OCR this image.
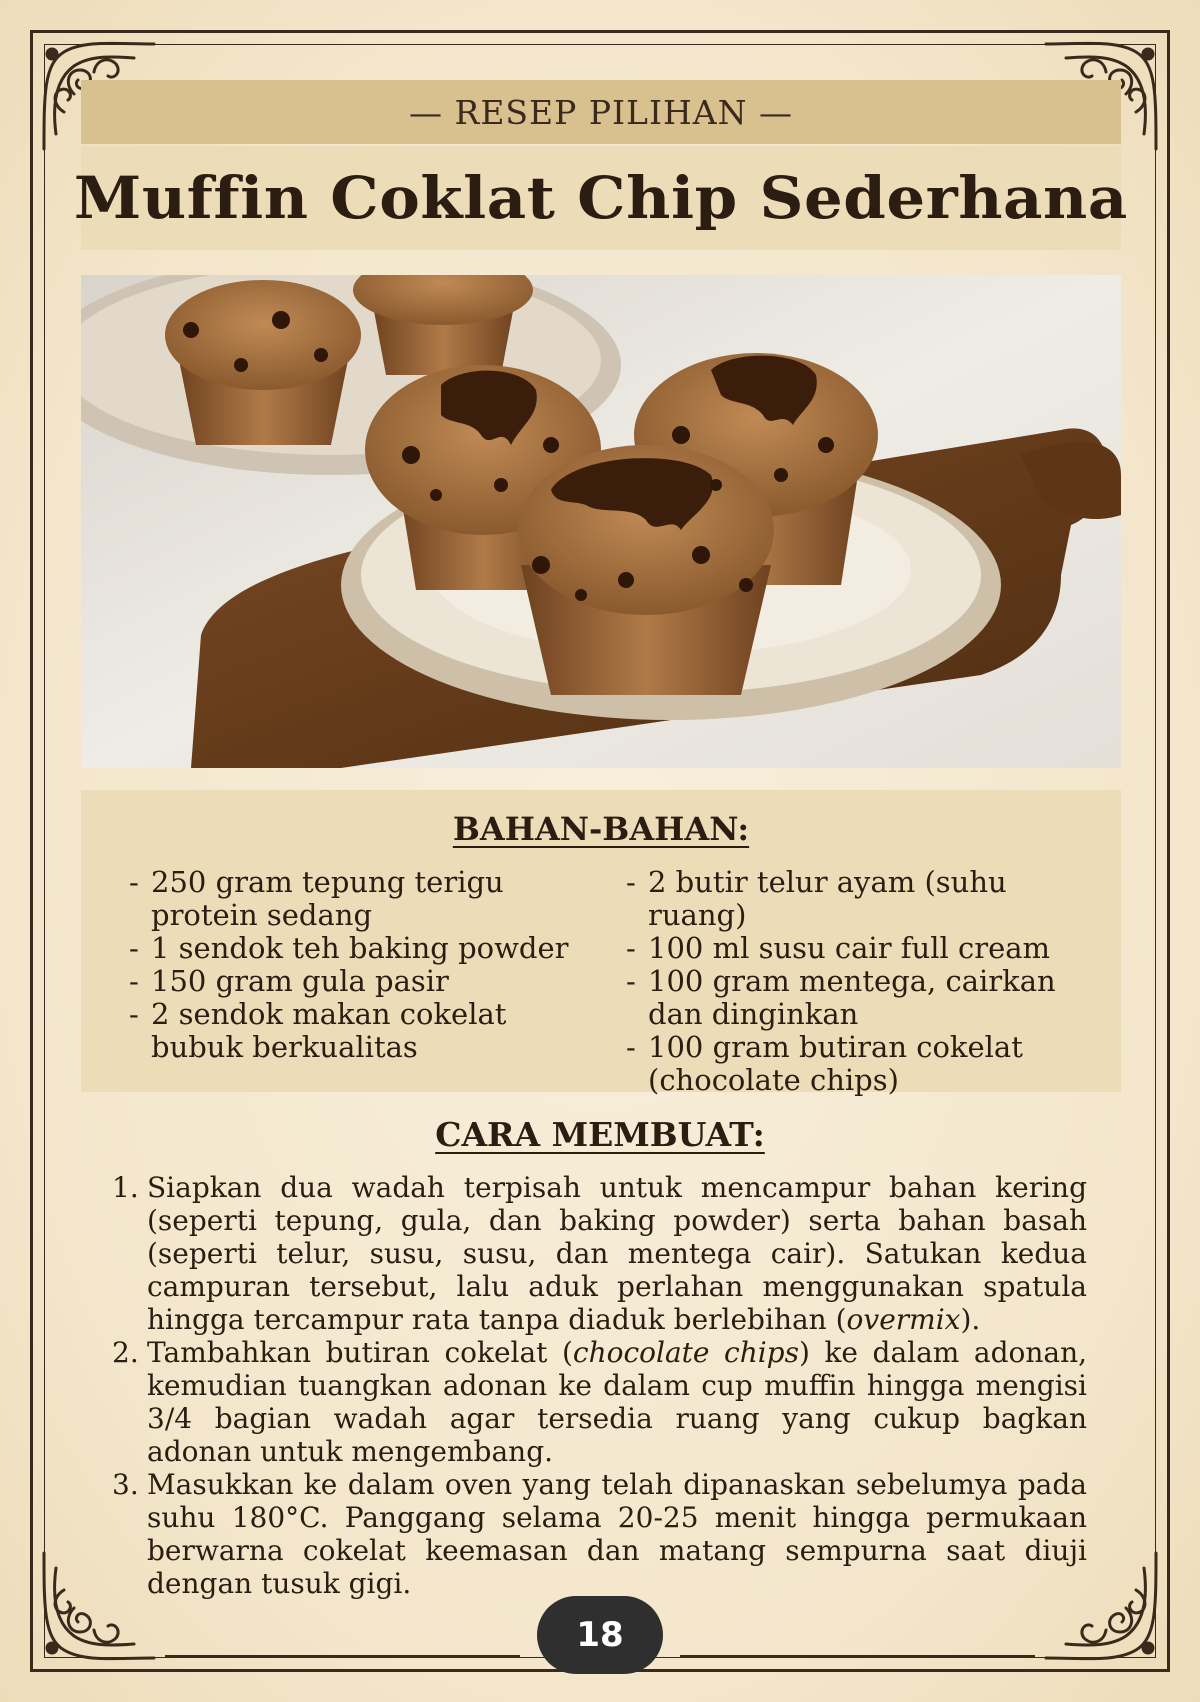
— RESEP PILIHAN —
Muffin Coklat Chip Sederhana
BAHAN-BAHAN:
- 250 gram tepung terigu protein sedang
- 1 sendok teh baking powder
- 150 gram gula pasir
- 2 sendok makan cokelat bubuk berkualitas
- 2 butir telur ayam (suhu ruang)
- 100 ml susu cair full cream
- 100 gram mentega, cairkan dan dinginkan
- 100 gram butiran cokelat (chocolate chips)
CARA MEMBUAT:
1. Siapkan dua wadah terpisah untuk mencampur bahan kering (seperti tepung, gula, dan baking powder) serta bahan basah (seperti telur, susu, susu, dan mentega cair). Satukan kedua campuran tersebut, lalu aduk perlahan menggunakan spatula hingga tercampur rata tanpa diaduk berlebihan (overmix).
2. Tambahkan butiran cokelat (chocolate chips) ke dalam adonan, kemudian tuangkan adonan ke dalam cup muffin hingga mengisi 3/4 bagian wadah agar tersedia ruang yang cukup bagkan adonan untuk mengembang.
3. Masukkan ke dalam oven yang telah dipanaskan sebelumya pada suhu 180°C. Panggang selama 20-25 menit hingga permukaan berwarna cokelat keemasan dan matang sempurna saat diuji dengan tusuk gigi.
18
